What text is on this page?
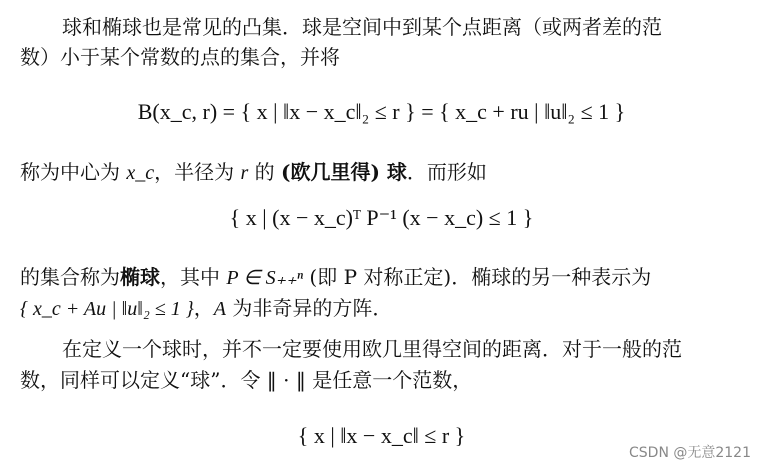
球和椭球也是常见的凸集．球是空间中到某个点距离（或两者差的范
数）小于某个常数的点的集合，并将
B(x_c, r) = { x | ‖x − x_c‖₂ ≤ r } = { x_c + ru | ‖u‖₂ ≤ 1 }
称为中心为 x_c，半径为 r 的 (欧几里得) 球．而形如
{ x | (x − x_c)ᵀ P⁻¹ (x − x_c) ≤ 1 }
的集合称为椭球，其中 P ∈ S₊₊ⁿ (即 P 对称正定)．椭球的另一种表示为
{ x_c + Au | ‖u‖₂ ≤ 1 }，A 为非奇异的方阵．
在定义一个球时，并不一定要使用欧几里得空间的距离．对于一般的范
数，同样可以定义“球”．令 ‖ · ‖ 是任意一个范数，
{ x | ‖x − x_c‖ ≤ r }
CSDN @无意2121
